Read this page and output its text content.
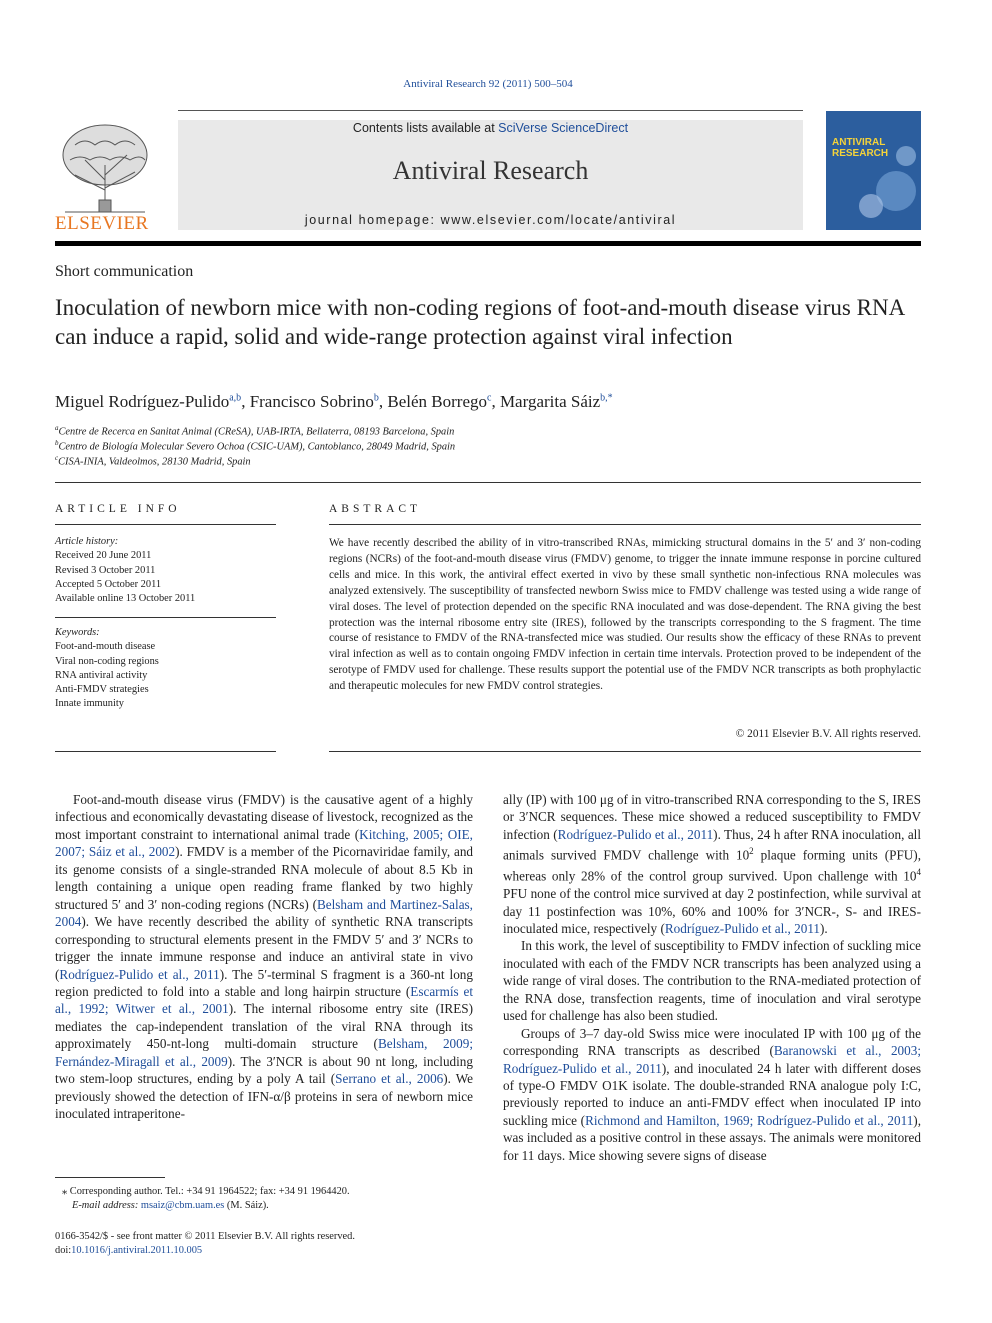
Antiviral Research 92 (2011) 500–504
ELSEVIER
Contents lists available at SciVerse ScienceDirect
Antiviral Research
journal homepage: www.elsevier.com/locate/antiviral
ANTIVIRAL RESEARCH
Short communication
Inoculation of newborn mice with non-coding regions of foot-and-mouth disease virus RNA can induce a rapid, solid and wide-range protection against viral infection
Miguel Rodríguez-Pulido$^{a,b}$, Francisco Sobrino$^b$, Belén Borrego$^c$, Margarita Sáiz$^{b,*}$
$^a$Centre de Recerca en Sanitat Animal (CReSA), UAB-IRTA, Bellaterra, 08193 Barcelona, Spain
$^b$Centro de Biología Molecular Severo Ochoa (CSIC-UAM), Cantoblanco, 28049 Madrid, Spain
$^c$CISA-INIA, Valdeolmos, 28130 Madrid, Spain
ARTICLE INFO
Article history:
Received 20 June 2011
Revised 3 October 2011
Accepted 5 October 2011
Available online 13 October 2011
Keywords:
Foot-and-mouth disease
Viral non-coding regions
RNA antiviral activity
Anti-FMDV strategies
Innate immunity
ABSTRACT
We have recently described the ability of in vitro-transcribed RNAs, mimicking structural domains in the 5′ and 3′ non-coding regions (NCRs) of the foot-and-mouth disease virus (FMDV) genome, to trigger the innate immune response in porcine cultured cells and mice. In this work, the antiviral effect exerted in vivo by these small synthetic non-infectious RNA molecules was analyzed extensively. The susceptibility of transfected newborn Swiss mice to FMDV challenge was tested using a wide range of viral doses. The level of protection depended on the specific RNA inoculated and was dose-dependent. The RNA giving the best protection was the internal ribosome entry site (IRES), followed by the transcripts corresponding to the S fragment. The time course of resistance to FMDV of the RNA-transfected mice was studied. Our results show the efficacy of these RNAs to prevent viral infection as well as to contain ongoing FMDV infection in certain time intervals. Protection proved to be independent of the serotype of FMDV used for challenge. These results support the potential use of the FMDV NCR transcripts as both prophylactic and therapeutic molecules for new FMDV control strategies.
© 2011 Elsevier B.V. All rights reserved.

Foot-and-mouth disease virus (FMDV) is the causative agent of a highly infectious and economically devastating disease of livestock, recognized as the most important constraint to international animal trade (Kitching, 2005; OIE, 2007; Sáiz et al., 2002). FMDV is a member of the Picornaviridae family, and its genome consists of a single-stranded RNA molecule of about 8.5 Kb in length containing a unique open reading frame flanked by two highly structured 5′ and 3′ non-coding regions (NCRs) (Belsham and Martinez-Salas, 2004). We have recently described the ability of synthetic RNA transcripts corresponding to structural elements present in the FMDV 5′ and 3′ NCRs to trigger the innate immune response and induce an antiviral state in vivo (Rodríguez-Pulido et al., 2011). The 5′-terminal S fragment is a 360-nt long region predicted to fold into a stable and long hairpin structure (Escarmís et al., 1992; Witwer et al., 2001). The internal ribosome entry site (IRES) mediates the cap-independent translation of the viral RNA through its approximately 450-nt-long multi-domain structure (Belsham, 2009; Fernández-Miragall et al., 2009). The 3′NCR is about 90 nt long, including two stem-loop structures, ending by a poly A tail (Serrano et al., 2006). We previously showed the detection of IFN-α/β proteins in sera of newborn mice inoculated intraperitone-

ally (IP) with 100 μg of in vitro-transcribed RNA corresponding to the S, IRES or 3′NCR sequences. These mice showed a reduced susceptibility to FMDV infection (Rodríguez-Pulido et al., 2011). Thus, 24 h after RNA inoculation, all animals survived FMDV challenge with $10^2$ plaque forming units (PFU), whereas only 28% of the control group survived. Upon challenge with $10^4$ PFU none of the control mice survived at day 2 postinfection, while survival at day 11 postinfection was 10%, 60% and 100% for 3′NCR-, S- and IRES-inoculated mice, respectively (Rodríguez-Pulido et al., 2011).

In this work, the level of susceptibility to FMDV infection of suckling mice inoculated with each of the FMDV NCR transcripts has been analyzed using a wide range of viral doses. The contribution to the RNA-mediated protection of the RNA dose, transfection reagents, time of inoculation and viral serotype used for challenge has also been studied.

Groups of 3–7 day-old Swiss mice were inoculated IP with 100 μg of the corresponding RNA transcripts as described (Baranowski et al., 2003; Rodríguez-Pulido et al., 2011), and inoculated 24 h later with different doses of type-O FMDV O1K isolate. The double-stranded RNA analogue poly I:C, previously reported to induce an anti-FMDV effect when inoculated IP into suckling mice (Richmond and Hamilton, 1969; Rodríguez-Pulido et al., 2011), was included as a positive control in these assays. The animals were monitored for 11 days. Mice showing severe signs of disease

⁎ Corresponding author. Tel.: +34 91 1964522; fax: +34 91 1964420.
E-mail address: msaiz@cbm.uam.es (M. Sáiz).
0166-3542/$ - see front matter © 2011 Elsevier B.V. All rights reserved.
doi:10.1016/j.antiviral.2011.10.005
